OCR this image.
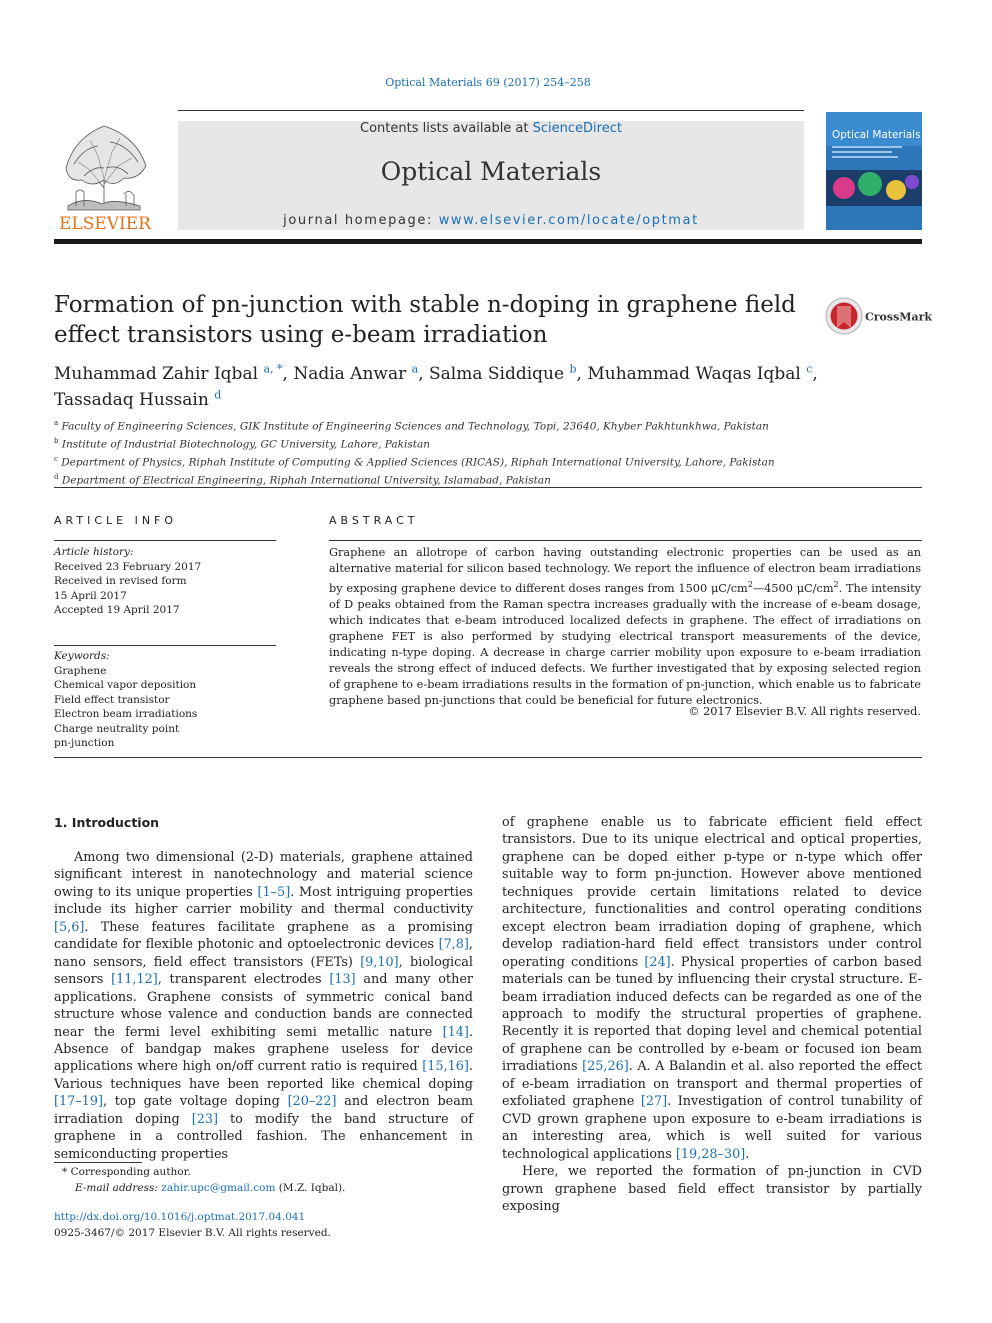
Optical Materials 69 (2017) 254–258
ELSEVIER
Contents lists available at ScienceDirect
Optical Materials
journal homepage: www.elsevier.com/locate/optmat
Optical Materials
Formation of pn-junction with stable n-doping in graphene field effect transistors using e-beam irradiation
CrossMark
Muhammad Zahir Iqbal $^{a, *}$, Nadia Anwar $^a$, Salma Siddique $^b$, Muhammad Waqas Iqbal $^c$,
Tassadaq Hussain $^d$
$^a$ Faculty of Engineering Sciences, GIK Institute of Engineering Sciences and Technology, Topi, 23640, Khyber Pakhtunkhwa, Pakistan
$^b$ Institute of Industrial Biotechnology, GC University, Lahore, Pakistan
$^c$ Department of Physics, Riphah Institute of Computing & Applied Sciences (RICAS), Riphah International University, Lahore, Pakistan
$^d$ Department of Electrical Engineering, Riphah International University, Islamabad, Pakistan
ARTICLE INFO
Article history:
Received 23 February 2017
Received in revised form
15 April 2017
Accepted 19 April 2017
Keywords:
Graphene
Chemical vapor deposition
Field effect transistor
Electron beam irradiations
Charge neutrality point
pn-junction
ABSTRACT
Graphene an allotrope of carbon having outstanding electronic properties can be used as an alternative material for silicon based technology. We report the influence of electron beam irradiations by exposing graphene device to different doses ranges from 1500 $\mu C/cm^2—4500$ $\mu C/cm^2$. The intensity of D peaks obtained from the Raman spectra increases gradually with the increase of e-beam dosage, which indicates that e-beam introduced localized defects in graphene. The effect of irradiations on graphene FET is also performed by studying electrical transport measurements of the device, indicating n-type doping. A decrease in charge carrier mobility upon exposure to e-beam irradiation reveals the strong effect of induced defects. We further investigated that by exposing selected region of graphene to e-beam irradiations results in the formation of pn-junction, which enable us to fabricate graphene based pn-junctions that could be beneficial for future electronics.
© 2017 Elsevier B.V. All rights reserved.
1. Introduction

Among two dimensional (2-D) materials, graphene attained significant interest in nanotechnology and material science owing to its unique properties [1–5]. Most intriguing properties include its higher carrier mobility and thermal conductivity [5,6]. These features facilitate graphene as a promising candidate for flexible photonic and optoelectronic devices [7,8], nano sensors, field effect transistors (FETs) [9,10], biological sensors [11,12], transparent electrodes [13] and many other applications. Graphene consists of symmetric conical band structure whose valence and conduction bands are connected near the fermi level exhibiting semi metallic nature [14]. Absence of bandgap makes graphene useless for device applications where high on/off current ratio is required [15,16]. Various techniques have been reported like chemical doping [17–19], top gate voltage doping [20–22] and electron beam irradiation doping [23] to modify the band structure of graphene in a controlled fashion. The enhancement in semiconducting properties

of graphene enable us to fabricate efficient field effect transistors. Due to its unique electrical and optical properties, graphene can be doped either p-type or n-type which offer suitable way to form pn-junction. However above mentioned techniques provide certain limitations related to device architecture, functionalities and control operating conditions except electron beam irradiation doping of graphene, which develop radiation-hard field effect transistors under control operating conditions [24]. Physical properties of carbon based materials can be tuned by influencing their crystal structure. E-beam irradiation induced defects can be regarded as one of the approach to modify the structural properties of graphene. Recently it is reported that doping level and chemical potential of graphene can be controlled by e-beam or focused ion beam irradiations [25,26]. A. A Balandin et al. also reported the effect of e-beam irradiation on transport and thermal properties of exfoliated graphene [27]. Investigation of control tunability of CVD grown graphene upon exposure to e-beam irradiations is an interesting area, which is well suited for various technological applications [19,28–30].

Here, we reported the formation of pn-junction in CVD grown graphene based field effect transistor by partially exposing

* Corresponding author.
E-mail address: zahir.upc@gmail.com (M.Z. Iqbal).
http://dx.doi.org/10.1016/j.optmat.2017.04.041
0925-3467/© 2017 Elsevier B.V. All rights reserved.
